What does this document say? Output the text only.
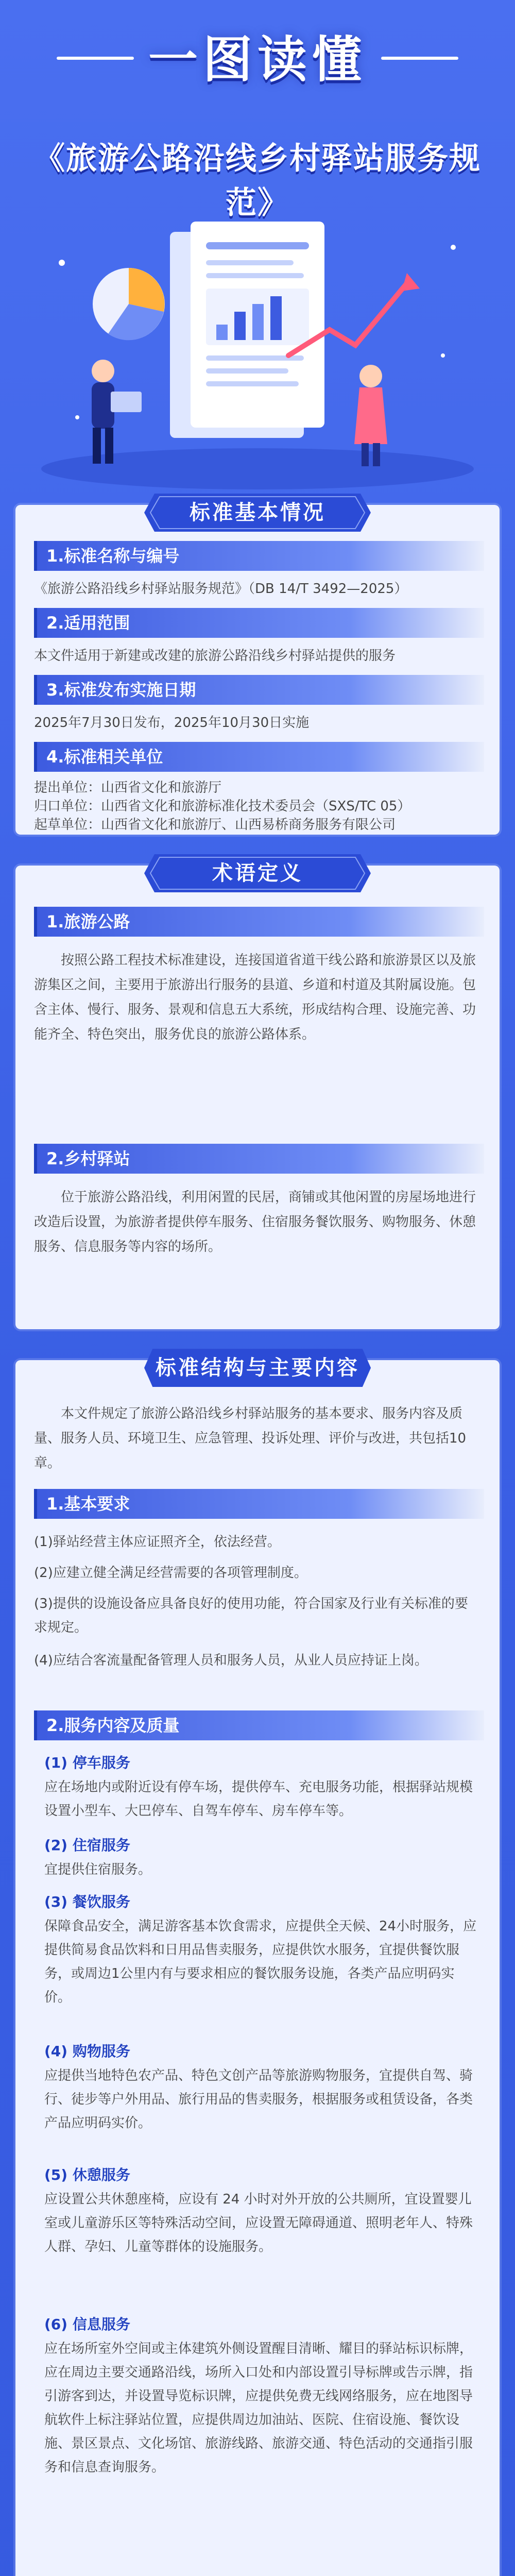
一图读懂
《旅游公路沿线乡村驿站服务规范》
标准基本情况
1.标准名称与编号
《旅游公路沿线乡村驿站服务规范》（DB 14/T 3492—2025）
2.适用范围
本文件适用于新建或改建的旅游公路沿线乡村驿站提供的服务
3.标准发布实施日期
2025年7月30日发布，2025年10月30日实施
4.标准相关单位
提出单位：山西省文化和旅游厅
归口单位：山西省文化和旅游标准化技术委员会（SXS/TC 05）
起草单位：山西省文化和旅游厅、山西易桥商务服务有限公司
术语定义
1.旅游公路
按照公路工程技术标准建设，连接国道省道干线公路和旅游景区以及旅游集区之间，主要用于旅游出行服务的县道、乡道和村道及其附属设施。包含主体、慢行、服务、景观和信息五大系统，形成结构合理、设施完善、功能齐全、特色突出，服务优良的旅游公路体系。
2.乡村驿站
位于旅游公路沿线，利用闲置的民居，商铺或其他闲置的房屋场地进行改造后设置，为旅游者提供停车服务、住宿服务餐饮服务、购物服务、休憩服务、信息服务等内容的场所。
标准结构与主要内容
本文件规定了旅游公路沿线乡村驿站服务的基本要求、服务内容及质量、服务人员、环境卫生、应急管理、投诉处理、评价与改进，共包括10章。
1.基本要求
(1)驿站经营主体应证照齐全，依法经营。
(2)应建立健全满足经营需要的各项管理制度。
(3)提供的设施设备应具备良好的使用功能，符合国家及行业有关标准的要求规定。
(4)应结合客流量配备管理人员和服务人员，从业人员应持证上岗。
2.服务内容及质量
(1) 停车服务
应在场地内或附近设有停车场，提供停车、充电服务功能，根据驿站规模设置小型车、大巴停车、自驾车停车、房车停车等。
(2) 住宿服务
宜提供住宿服务。
(3) 餐饮服务
保障食品安全，满足游客基本饮食需求，应提供全天候、24小时服务，应提供简易食品饮料和日用品售卖服务，应提供饮水服务，宜提供餐饮服务，或周边1公里内有与要求相应的餐饮服务设施，各类产品应明码实价。
(4) 购物服务
应提供当地特色农产品、特色文创产品等旅游购物服务，宜提供自驾、骑行、徒步等户外用品、旅行用品的售卖服务，根据服务或租赁设备，各类产品应明码实价。
(5) 休憩服务
应设置公共休憩座椅，应设有 24 小时对外开放的公共厕所，宜设置婴儿室或儿童游乐区等特殊活动空间，应设置无障碍通道、照明老年人、特殊人群、孕妇、儿童等群体的设施服务。
(6) 信息服务
应在场所室外空间或主体建筑外侧设置醒目清晰、耀目的驿站标识标牌，应在周边主要交通路沿线，场所入口处和内部设置引导标牌或告示牌，指引游客到达，并设置导览标识牌，应提供免费无线网络服务，应在地图导航软件上标注驿站位置，应提供周边加油站、医院、住宿设施、餐饮设施、景区景点、文化场馆、旅游线路、旅游交通、特色活动的交通指引服务和信息查询服务。
